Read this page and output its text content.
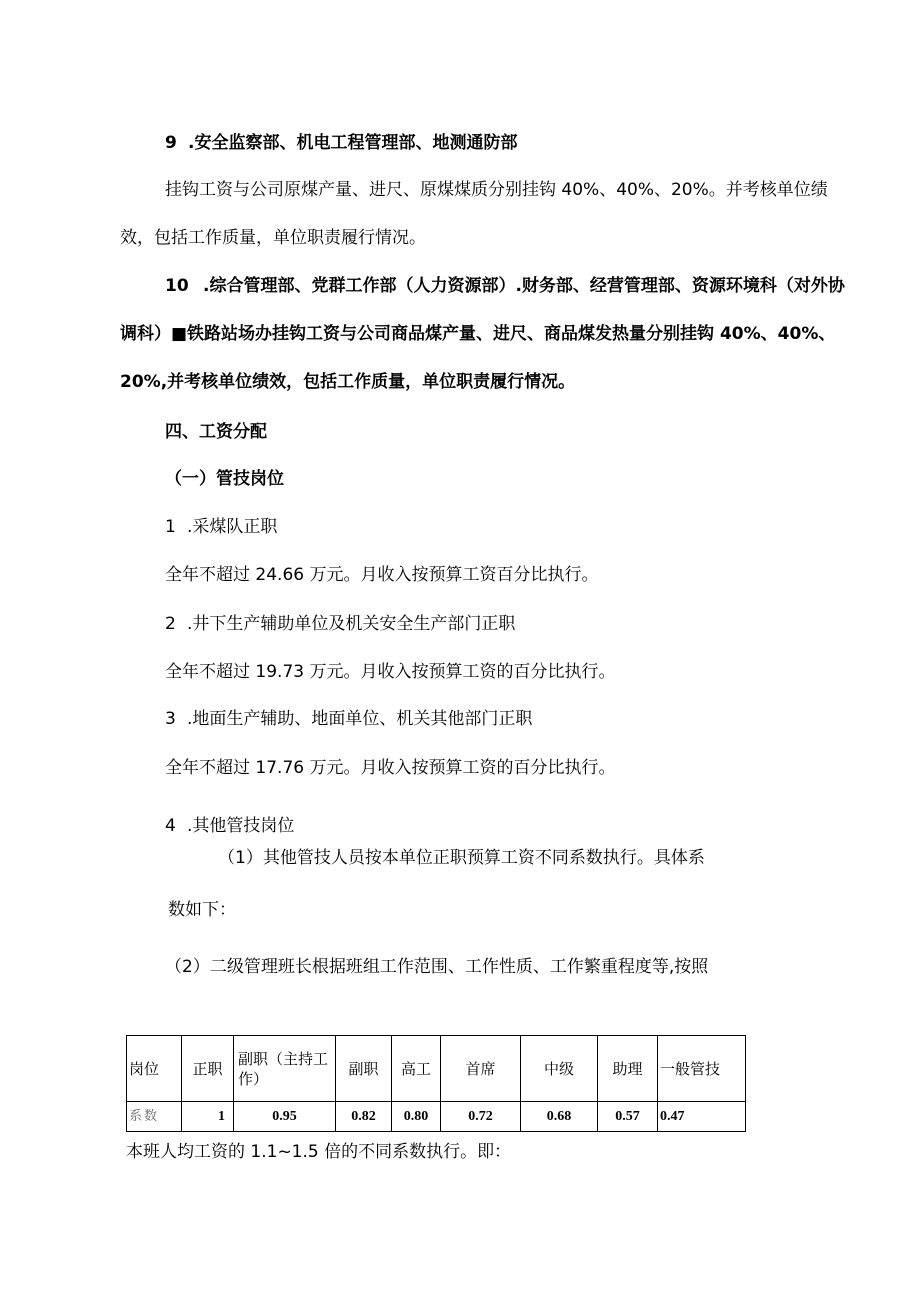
9 .安全监察部、机电工程管理部、地测通防部
挂钩工资与公司原煤产量、进尺、原煤煤质分别挂钩 40%、40%、20%。并考核单位绩
效，包括工作质量，单位职责履行情况。
10 .综合管理部、党群工作部（人力资源部）.财务部、经营管理部、资源环境科（对外协
调科）■铁路站场办挂钩工资与公司商品煤产量、进尺、商品煤发热量分别挂钩 40%、40%、
20%,并考核单位绩效，包括工作质量，单位职责履行情况。
四、工资分配
（一）管技岗位
1 .采煤队正职
全年不超过 24.66 万元。月收入按预算工资百分比执行。
2 .井下生产辅助单位及机关安全生产部门正职
全年不超过 19.73 万元。月收入按预算工资的百分比执行。
3 .地面生产辅助、地面单位、机关其他部门正职
全年不超过 17.76 万元。月收入按预算工资的百分比执行。
4 .其他管技岗位
（1）其他管技人员按本单位正职预算工资不同系数执行。具体系
数如下：
（2）二级管理班长根据班组工作范围、工作性质、工作繁重程度等,按照
岗位	正职	副职（主持工作）	副职	高工	首席	中级	助理	一般管技
系数	1	0.95	0.82	0.80	0.72	0.68	0.57	0.47
本班人均工资的 1.1~1.5 倍的不同系数执行。即：
